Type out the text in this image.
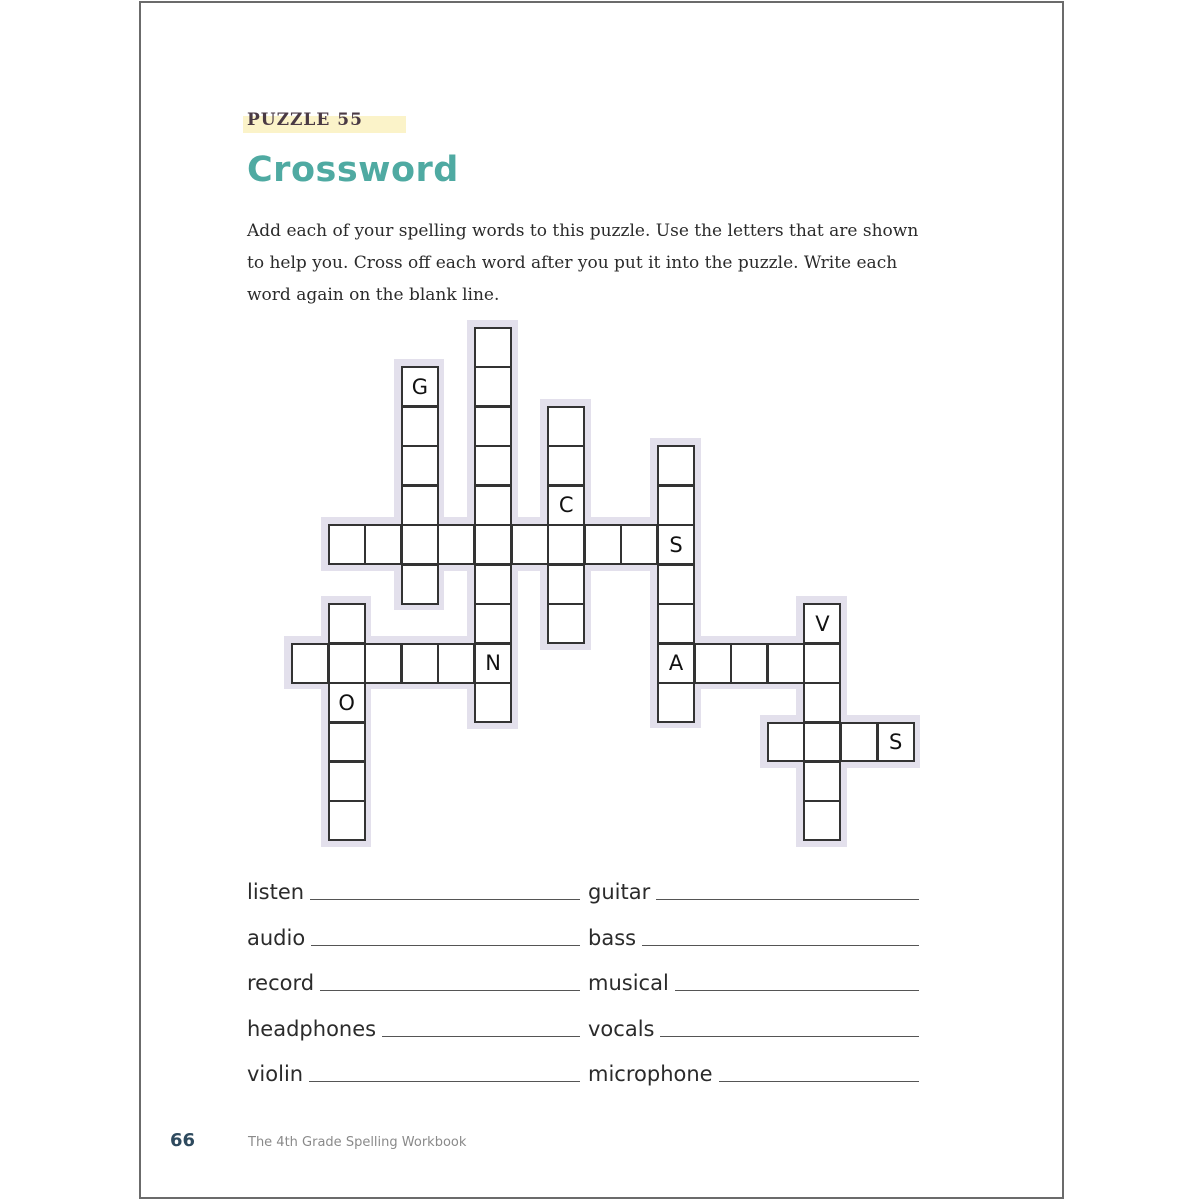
PUZZLE 55
Crossword
Add each of your spelling words to this puzzle. Use the letters that are shown to help you. Cross off each word after you put it into the puzzle. Write each word again on the blank line.
G
N
C
S
A
O
V
S
listen	guitar
audio	bass
record	musical
headphones	vocals
violin	microphone
66	The 4th Grade Spelling Workbook
